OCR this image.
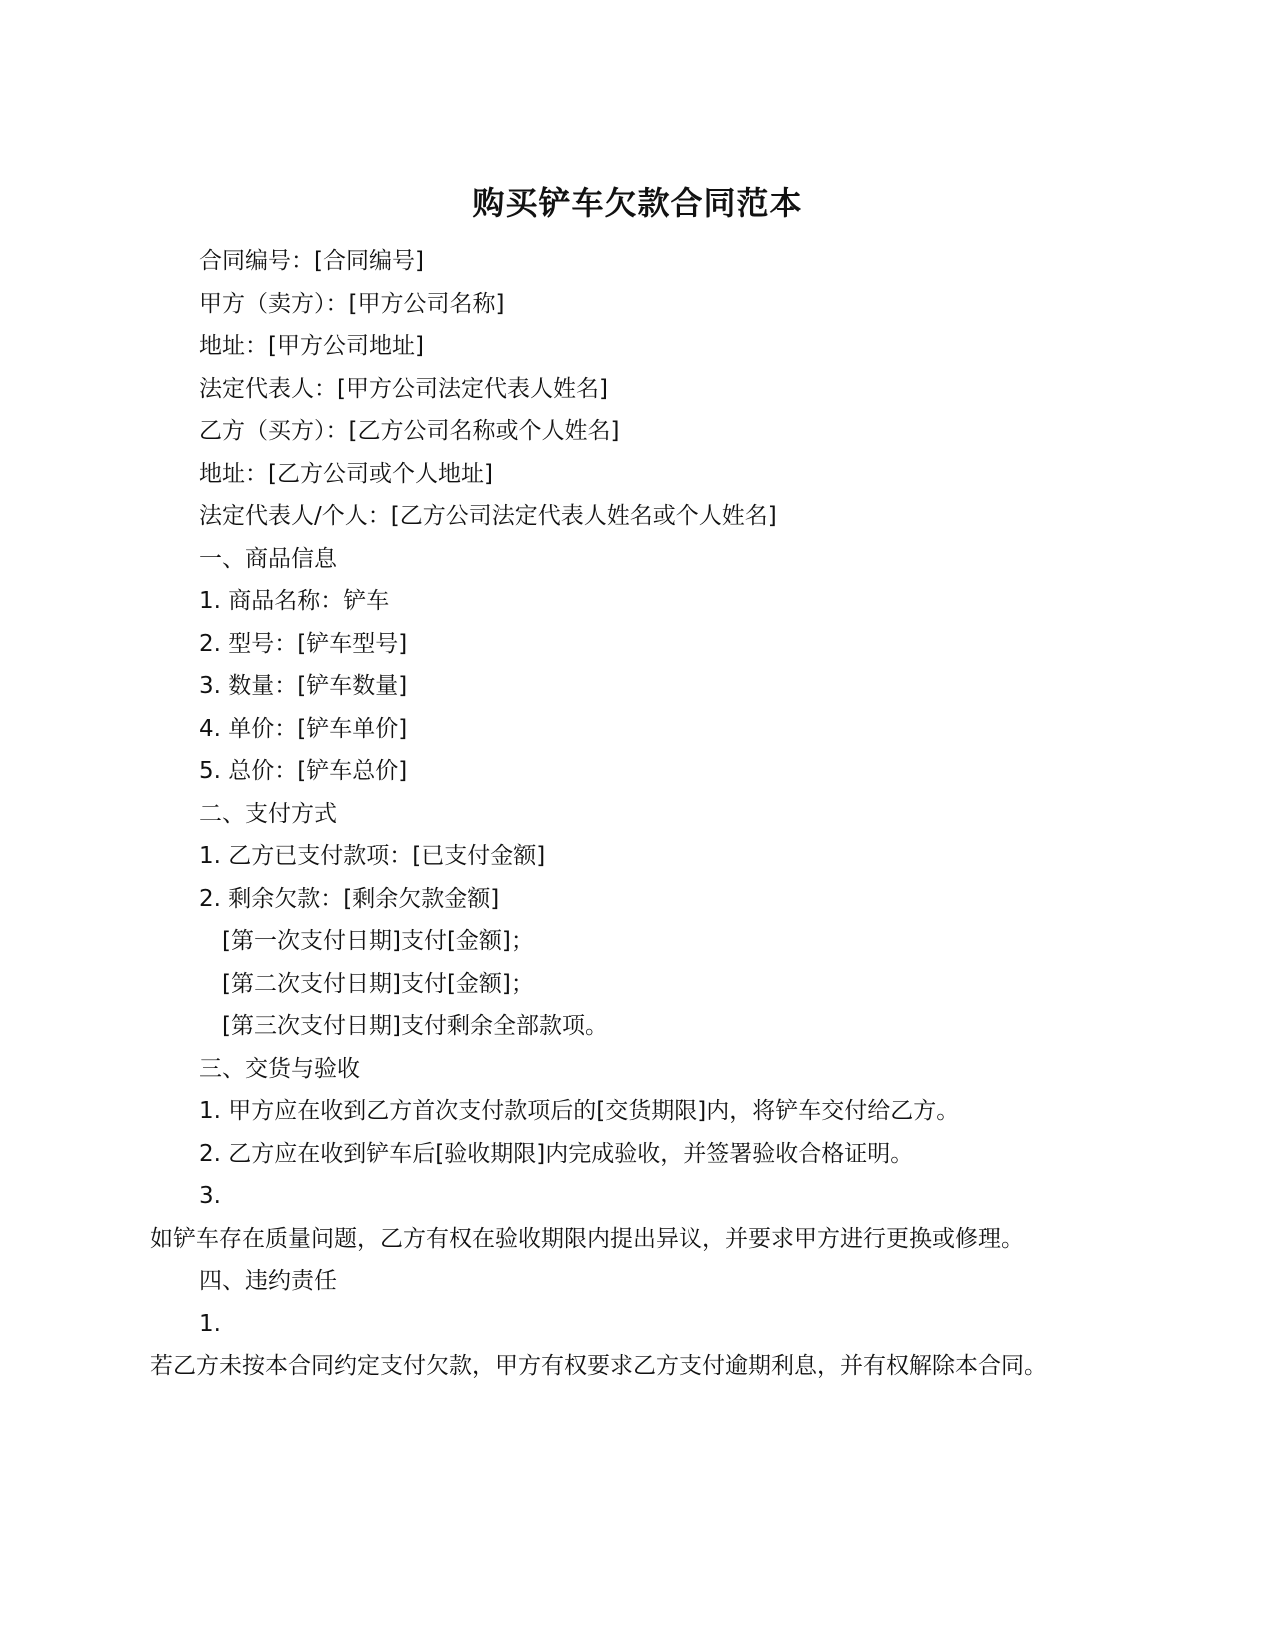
购买铲车欠款合同范本
合同编号：[合同编号]
甲方（卖方）：[甲方公司名称]
地址：[甲方公司地址]
法定代表人：[甲方公司法定代表人姓名]
乙方（买方）：[乙方公司名称或个人姓名]
地址：[乙方公司或个人地址]
法定代表人/个人：[乙方公司法定代表人姓名或个人姓名]
一、商品信息
1. 商品名称：铲车
2. 型号：[铲车型号]
3. 数量：[铲车数量]
4. 单价：[铲车单价]
5. 总价：[铲车总价]
二、支付方式
1. 乙方已支付款项：[已支付金额]
2. 剩余欠款：[剩余欠款金额]
[第一次支付日期]支付[金额]；
[第二次支付日期]支付[金额]；
[第三次支付日期]支付剩余全部款项。
三、交货与验收
1. 甲方应在收到乙方首次支付款项后的[交货期限]内，将铲车交付给乙方。
2. 乙方应在收到铲车后[验收期限]内完成验收，并签署验收合格证明。
3.
如铲车存在质量问题，乙方有权在验收期限内提出异议，并要求甲方进行更换或修理。
四、违约责任
1.
若乙方未按本合同约定支付欠款，甲方有权要求乙方支付逾期利息，并有权解除本合同。
